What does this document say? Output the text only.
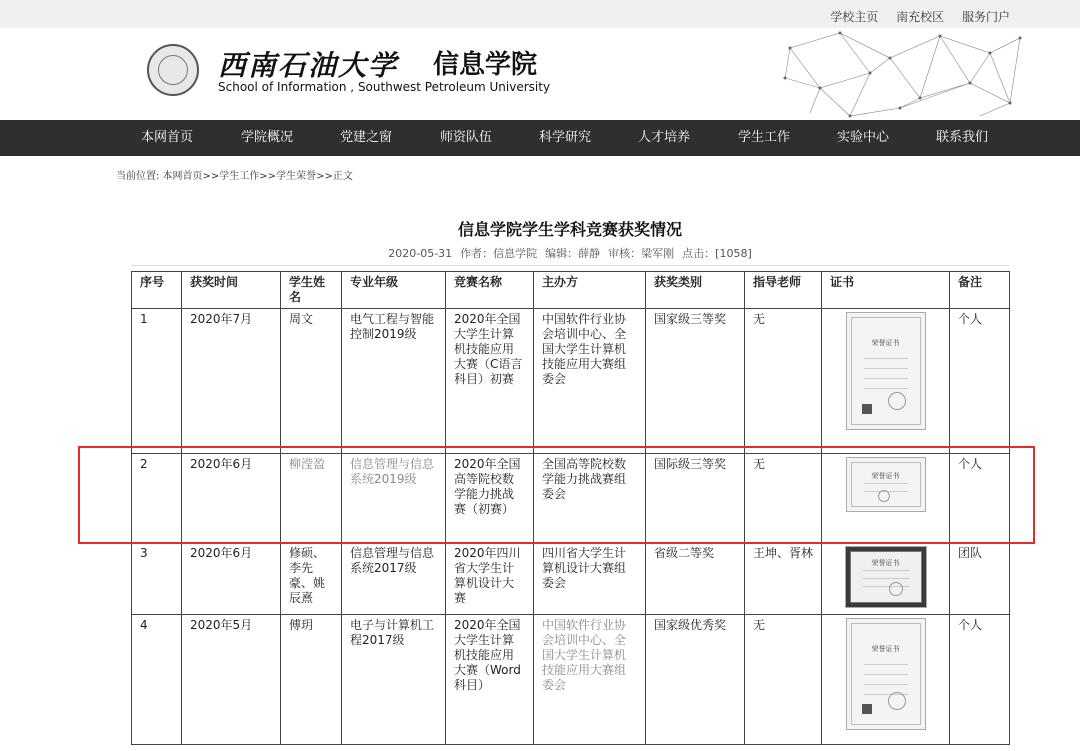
学校主页 南充校区 服务门户
西南石油大学 信息学院
School of Information , Southwest Petroleum University
本网首页	学院概况	党建之窗	师资队伍	科学研究	人才培养	学生工作	实验中心	联系我们
当前位置: 本网首页>>学生工作>>学生荣誉>>正文
信息学院学生学科竞赛获奖情况
2020-05-31 作者：信息学院 编辑：薛静 审核：梁军刚 点击：[1058]
序号	获奖时间	学生姓名	专业年级	竞赛名称	主办方	获奖类别	指导老师	证书	备注
1	2020年7月	周文	电气工程与智能控制2019级	2020年全国大学生计算机技能应用大赛（C语言科目）初赛	中国软件行业协会培训中心、全国大学生计算机技能应用大赛组委会	国家级三等奖	无	荣誉证书	个人
2	2020年6月	柳滢盈	信息管理与信息系统2019级	2020年全国高等院校数学能力挑战赛（初赛）	全国高等院校数学能力挑战赛组委会	国际级三等奖	无	荣誉证书	个人
3	2020年6月	修硕、李先豪、姚辰熹	信息管理与信息系统2017级	2020年四川省大学生计算机设计大赛	四川省大学生计算机设计大赛组委会	省级二等奖	王坤、胥林	荣誉证书	团队
4	2020年5月	傅玥	电子与计算机工程2017级	2020年全国大学生计算机技能应用大赛（Word科目）	中国软件行业协会培训中心、全国大学生计算机技能应用大赛组委会	国家级优秀奖	无	荣誉证书	个人
